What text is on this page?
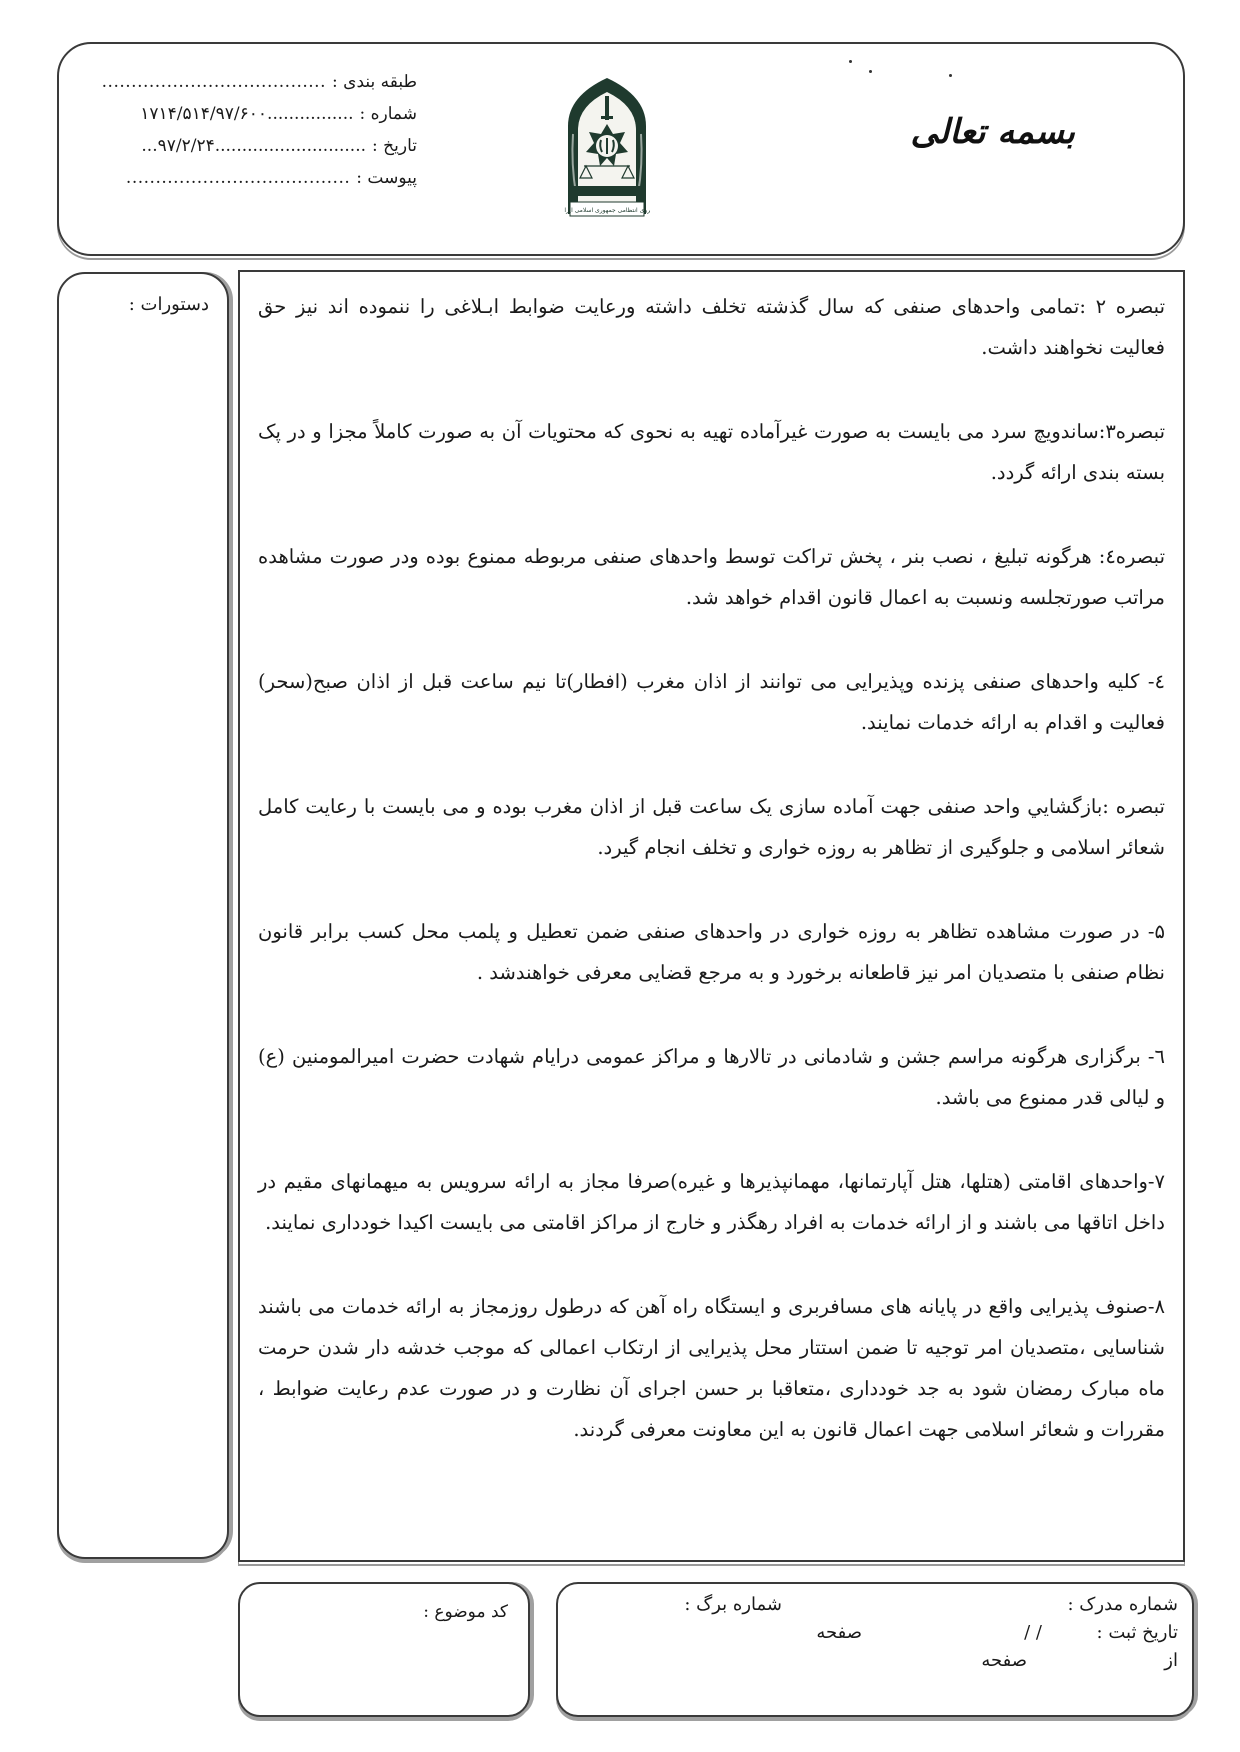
طبقه بندی :
......................................
شماره :
۱۷۱۴/۵۱۴/۹۷/۶۰۰................
تاریخ :
...۹۷/۲/۲۴............................
پیوست :
......................................
نیروی انتظامی جمهوری اسلامی ایران
بسمه تعالی
دستورات :	تبصره ۲ :تمامی واحدهای صنفی که سال گذشته تخلف داشته ورعایت ضوابط ابـلاغی را ننموده اند نیز حق فعالیت نخواهند داشت.

تبصره۳:ساندویچ سرد می بایست به صورت غیرآماده تهیه به نحوی که محتویات آن به صورت کاملاً مجزا و در پک بسته بندی ارائه گردد.

تبصره٤: هرگونه تبلیغ ، نصب بنر ، پخش تراکت توسط واحدهای صنفی مربوطه ممنوع بوده ودر صورت مشاهده مراتب صورتجلسه ونسبت به اعمال قانون اقدام خواهد شد.

٤- کلیه واحدهای صنفی پزنده وپذیرایی می توانند از اذان مغرب (افطار)تا نیم ساعت قبل از اذان صبح(سحر) فعالیت و اقدام به ارائه خدمات نمایند.

تبصره :بازگشایي واحد صنفی جهت آماده سازی یک ساعت قبل از اذان مغرب بوده و می بایست با رعایت کامل شعائر اسلامی و جلوگیری از تظاهر به روزه خواری و تخلف انجام گیرد.

۵- در صورت مشاهده تظاهر به روزه خواری در واحدهای صنفی ضمن تعطیل و پلمب محل کسب برابر قانون نظام صنفی با متصدیان امر نیز قاطعانه برخورد و به مرجع قضایی معرفی خواهندشد .

٦- برگزاری هرگونه مراسم جشن و شادمانی در تالارها و مراکز عمومی درایام شهادت حضرت امیرالمومنین (ع) و لیالی قدر ممنوع می باشد.

۷-واحدهای اقامتی (هتلها، هتل آپارتمانها، مهمانپذیرها و غیره)صرفا مجاز به ارائه سرویس به میهمانهای مقیم در داخل اتاقها می باشند و از ارائه خدمات به افراد رهگذر و خارج از مراکز اقامتی می بایست اکیدا خودداری نمایند.

۸-صنوف پذیرایی واقع در پایانه های مسافربری و ایستگاه راه آهن که درطول روزمجاز به ارائه خدمات می باشند شناسایی ،متصدیان امر توجیه تا ضمن استتار محل پذیرایی از ارتکاب اعمالی که موجب خدشه دار شدن حرمت ماه مبارک رمضان شود به جد خودداری ،متعاقبا بر حسن اجرای آن نظارت و در صورت عدم رعایت ضوابط ، مقررات و شعائر اسلامی جهت اعمال قانون به این معاونت معرفی گردند.

کد موضوع :	شماره مدرک :
شماره برگ :
تاریخ ثبت :
/ /
صفحه
از
صفحه
